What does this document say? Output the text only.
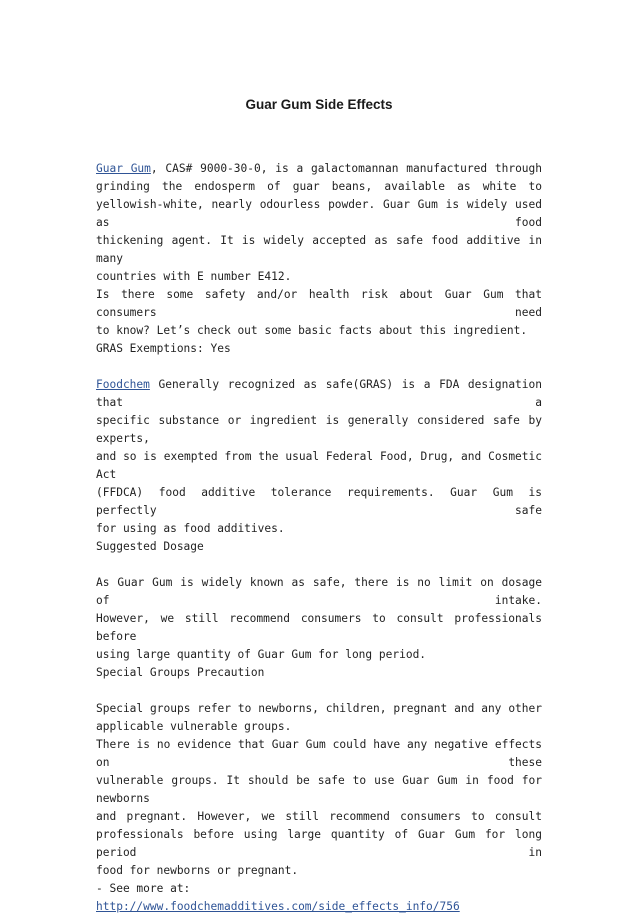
Guar Gum Side Effects

Guar Gum, CAS# 9000-30-0, is a galactomannan manufactured through

grinding the endosperm of guar beans, available as white to

yellowish-white, nearly odourless powder. Guar Gum is widely used as food

thickening agent. It is widely accepted as safe food additive in many

countries with E number E412.

Is there some safety and/or health risk about Guar Gum that consumers need

to know? Let’s check out some basic facts about this ingredient.

GRAS Exemptions: Yes

Foodchem Generally recognized as safe(GRAS) is a FDA designation that a

specific substance or ingredient is generally considered safe by experts,

and so is exempted from the usual Federal Food, Drug, and Cosmetic Act

(FFDCA) food additive tolerance requirements. Guar Gum is perfectly safe

for using as food additives.

Suggested Dosage

As Guar Gum is widely known as safe, there is no limit on dosage of intake.

However, we still recommend consumers to consult professionals before

using large quantity of Guar Gum for long period.

Special Groups Precaution

Special groups refer to newborns, children, pregnant and any other

applicable vulnerable groups.

There is no evidence that Guar Gum could have any negative effects on these

vulnerable groups. It should be safe to use Guar Gum in food for newborns

and pregnant. However, we still recommend consumers to consult

professionals before using large quantity of Guar Gum for long period in

food for newborns or pregnant.

- See more at: http://www.foodchemadditives.com/side_effects_info/756
